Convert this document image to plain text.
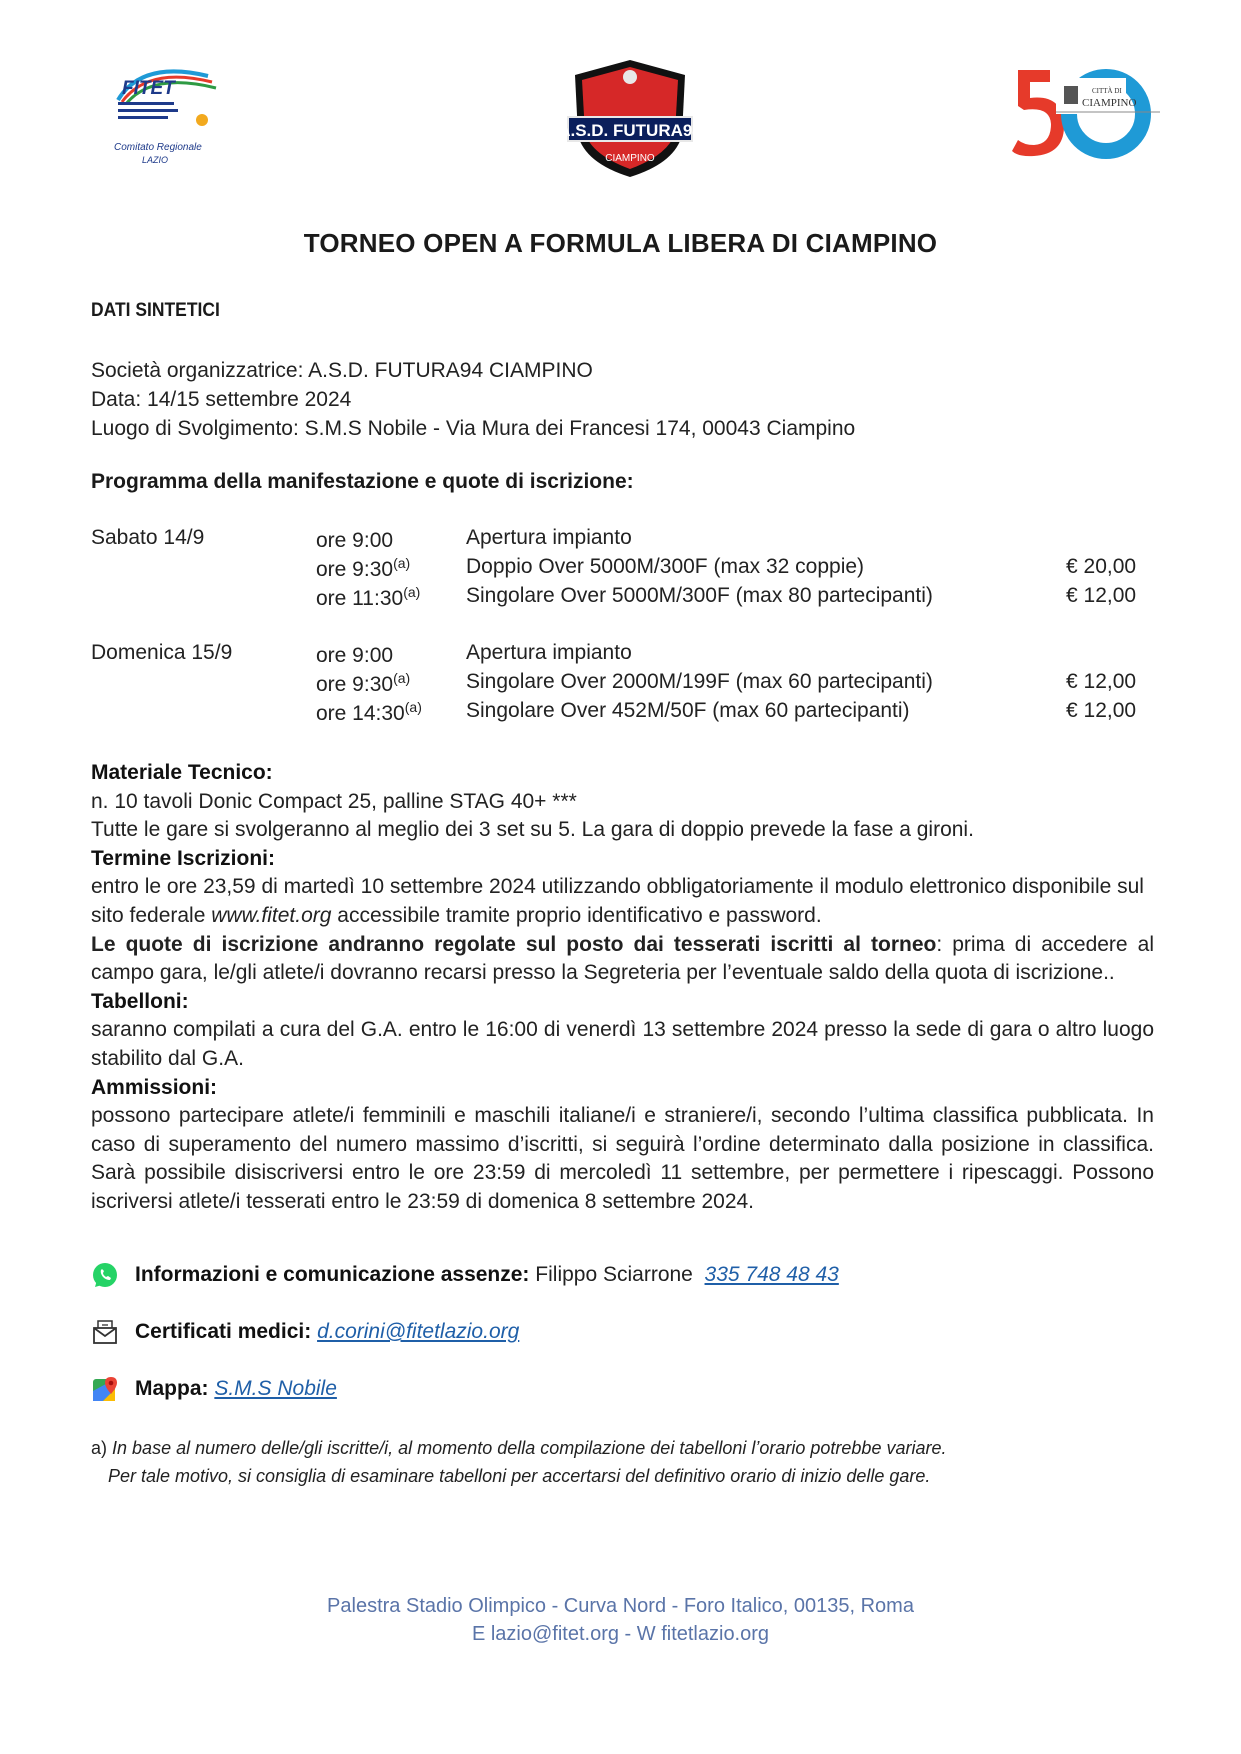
FITET
Comitato Regionale
LAZIO
A.S.D. FUTURA94
CIAMPINO
CITTÀ DI
CIAMPINO
TORNEO OPEN A FORMULA LIBERA DI CIAMPINO
DATI SINTETICI
Società organizzatrice: A.S.D. FUTURA94 CIAMPINO
Data: 14/15 settembre 2024
Luogo di Svolgimento: S.M.S Nobile - Via Mura dei Francesi 174, 00043 Ciampino
Programma della manifestazione e quote di iscrizione:
Sabato 14/9	ore 9:00	Apertura impianto
ore 9:30$^{(a)}$	Doppio Over 5000M/300F (max 32 coppie)	€ 20,00
ore 11:30$^{(a)}$ Singolare Over 5000M/300F (max 80 partecipanti)	€ 12,00
Domenica 15/9	ore 9:00	Apertura impianto
ore 9:30$^{(a)}$	Singolare Over 2000M/199F (max 60 partecipanti)	€ 12,00
ore 14:30$^{(a)}$ Singolare Over 452M/50F (max 60 partecipanti)	€ 12,00

Materiale Tecnico:

n. 10 tavoli Donic Compact 25, palline STAG 40+ ***

Tutte le gare si svolgeranno al meglio dei 3 set su 5. La gara di doppio prevede la fase a gironi.

Termine Iscrizioni:

entro le ore 23,59 di martedì 10 settembre 2024 utilizzando obbligatoriamente il modulo elettronico disponibile sul sito federale www.fitet.org accessibile tramite proprio identificativo e password.

Le quote di iscrizione andranno regolate sul posto dai tesserati iscritti al torneo: prima di accedere al campo gara, le/gli atlete/i dovranno recarsi presso la Segreteria per l’eventuale saldo della quota di iscrizione..

Tabelloni:

saranno compilati a cura del G.A. entro le 16:00 di venerdì 13 settembre 2024 presso la sede di gara o altro luogo stabilito dal G.A.

Ammissioni:

possono partecipare atlete/i femminili e maschili italiane/i e straniere/i, secondo l’ultima classifica pubblicata. In caso di superamento del numero massimo d’iscritti, si seguirà l’ordine determinato dalla posizione in classifica. Sarà possibile disiscriversi entro le ore 23:59 di mercoledì 11 settembre, per permettere i ripescaggi. Possono iscriversi atlete/i tesserati entro le 23:59 di domenica 8 settembre 2024.

Informazioni e comunicazione assenze: Filippo Sciarrone 335 748 48 43
Certificati medici: d.corini@fitetlazio.org
Mappa: S.M.S Nobile
a) In base al numero delle/gli iscritte/i, al momento della compilazione dei tabelloni l’orario potrebbe variare.
Per tale motivo, si consiglia di esaminare tabelloni per accertarsi del definitivo orario di inizio delle gare.
Palestra Stadio Olimpico - Curva Nord - Foro Italico, 00135, Roma
E lazio@fitet.org - W fitetlazio.org
